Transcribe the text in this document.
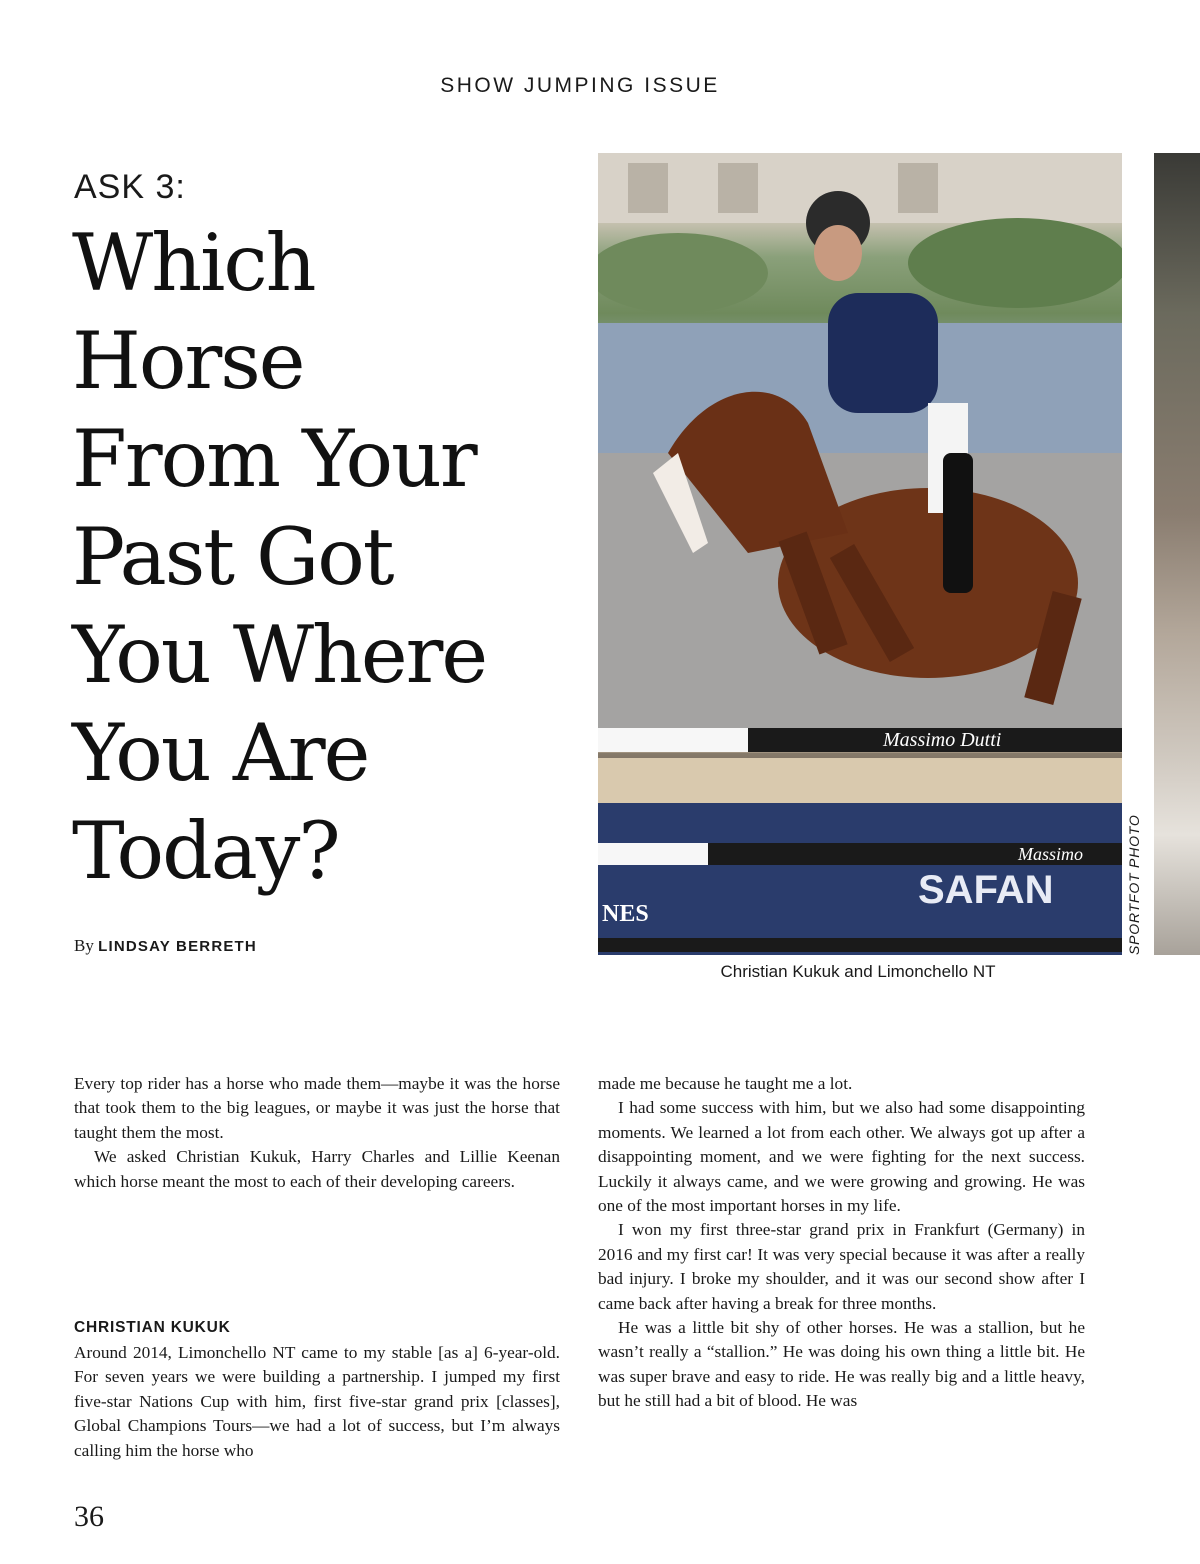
SHOW JUMPING ISSUE
ASK 3:
Which
Horse
From Your
Past Got
You Where
You Are
Today?
By LINDSAY BERRETH
Massimo Dutti
Massimo
SAFAN
NES	SPORTFOT PHOTO
Christian Kukuk and Limonchello NT

Every top rider has a horse who made them—maybe it was the horse that took them to the big leagues, or maybe it was just the horse that taught them the most.

We asked Christian Kukuk, Harry Charles and Lillie Keenan which horse meant the most to each of their developing careers.

CHRISTIAN KUKUK

Around 2014, Limonchello NT came to my stable [as a] 6-year-old. For seven years we were building a partnership. I jumped my first five-star Nations Cup with him, first five-star grand prix [classes], Global Champions Tours—we had a lot of success, but I’m always calling him the horse who

made me because he taught me a lot.

I had some success with him, but we also had some disappointing moments. We learned a lot from each other. We always got up after a disappointing moment, and we were fighting for the next success. Luckily it always came, and we were growing and growing. He was one of the most important horses in my life.

I won my first three-star grand prix in Frankfurt (Germany) in 2016 and my first car! It was very special because it was after a really bad injury. I broke my shoulder, and it was our second show after I came back after having a break for three months.

He was a little bit shy of other horses. He was a stallion, but he wasn’t really a “stallion.” He was doing his own thing a little bit. He was super brave and easy to ride. He was really big and a little heavy, but he still had a bit of blood. He was

36
